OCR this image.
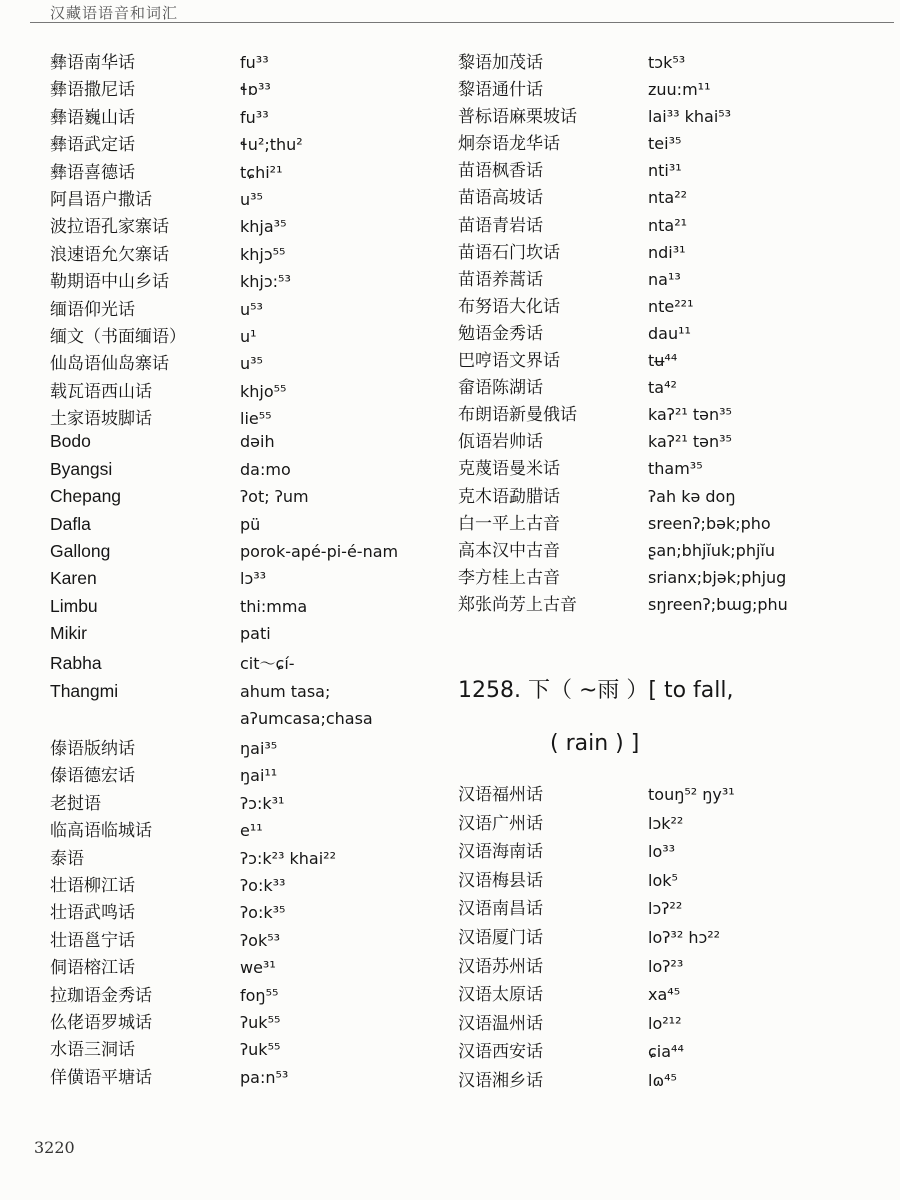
汉藏语语音和词汇
彝语南华话	fu³³
彝语撒尼话	ɬɒ³³
彝语巍山话	fu³³
彝语武定话	ɬu²;thu²
彝语喜德话	tɕhi²¹
阿昌语户撒话	u³⁵
波拉语孔家寨话	khja³⁵
浪速语允欠寨话	khjɔ⁵⁵
勒期语中山乡话	khjɔ:⁵³
缅语仰光话	u⁵³
缅文（书面缅语）	u¹
仙岛语仙岛寨话	u³⁵
载瓦语西山话	khjo⁵⁵
土家语坡脚话	lie⁵⁵
Bodo	dəih
Byangsi	da:mo
Chepang	ʔot; ʔum
Dafla	pü
Gallong	porok-apé-pi-é-nam
Karen	lɔ³³
Limbu	thi:mma
Mikir	pati
Rabha	cit～ɕí-
Thangmi	ahum tasa; aʔumcasa;chasa
傣语版纳话	ŋai³⁵
傣语德宏话	ŋai¹¹
老挝语	ʔɔ:k³¹
临高语临城话	e¹¹
泰语	ʔɔ:k²³ khai²²
壮语柳江话	ʔo:k³³
壮语武鸣话	ʔo:k³⁵
壮语邕宁话	ʔok⁵³
侗语榕江话	we³¹
拉珈语金秀话	foŋ⁵⁵
仫佬语罗城话	ʔuk⁵⁵
水语三洞话	ʔuk⁵⁵
佯僙语平塘话	pa:n⁵³
黎语加茂话	tɔk⁵³
黎语通什话	zuu:m¹¹
普标语麻栗坡话	lai³³ khai⁵³
炯奈语龙华话	tei³⁵
苗语枫香话	nti³¹
苗语高坡话	nta²²
苗语青岩话	nta²¹
苗语石门坎话	ndi³¹
苗语养蒿话	na¹³
布努语大化话	nte²²¹
勉语金秀话	dau¹¹
巴哼语文界话	tʉ⁴⁴
畲语陈湖话	ta⁴²
布朗语新曼俄话	kaʔ²¹ tən³⁵
佤语岩帅话	kaʔ²¹ tən³⁵
克蔑语曼米话	tham³⁵
克木语勐腊话	ʔah kə doŋ
白一平上古音	sreenʔ;bək;pho
高本汉中古音	ʂan;bhjĭuk;phjĭu
李方桂上古音	srianx;bjək;phjug
郑张尚芳上古音	sŋreenʔ;bɯɡ;phu
1258. 下（ ~雨 ）[ to fall,
( rain ) ]
汉语福州话	touŋ⁵² ŋy³¹
汉语广州话	lɔk²²
汉语海南话	lo³³
汉语梅县话	lok⁵
汉语南昌话	lɔʔ²²
汉语厦门话	loʔ³² hɔ²²
汉语苏州话	loʔ²³
汉语太原话	xa⁴⁵
汉语温州话	lo²¹²
汉语西安话	ɕia⁴⁴
汉语湘乡话	lɷ⁴⁵
3220
